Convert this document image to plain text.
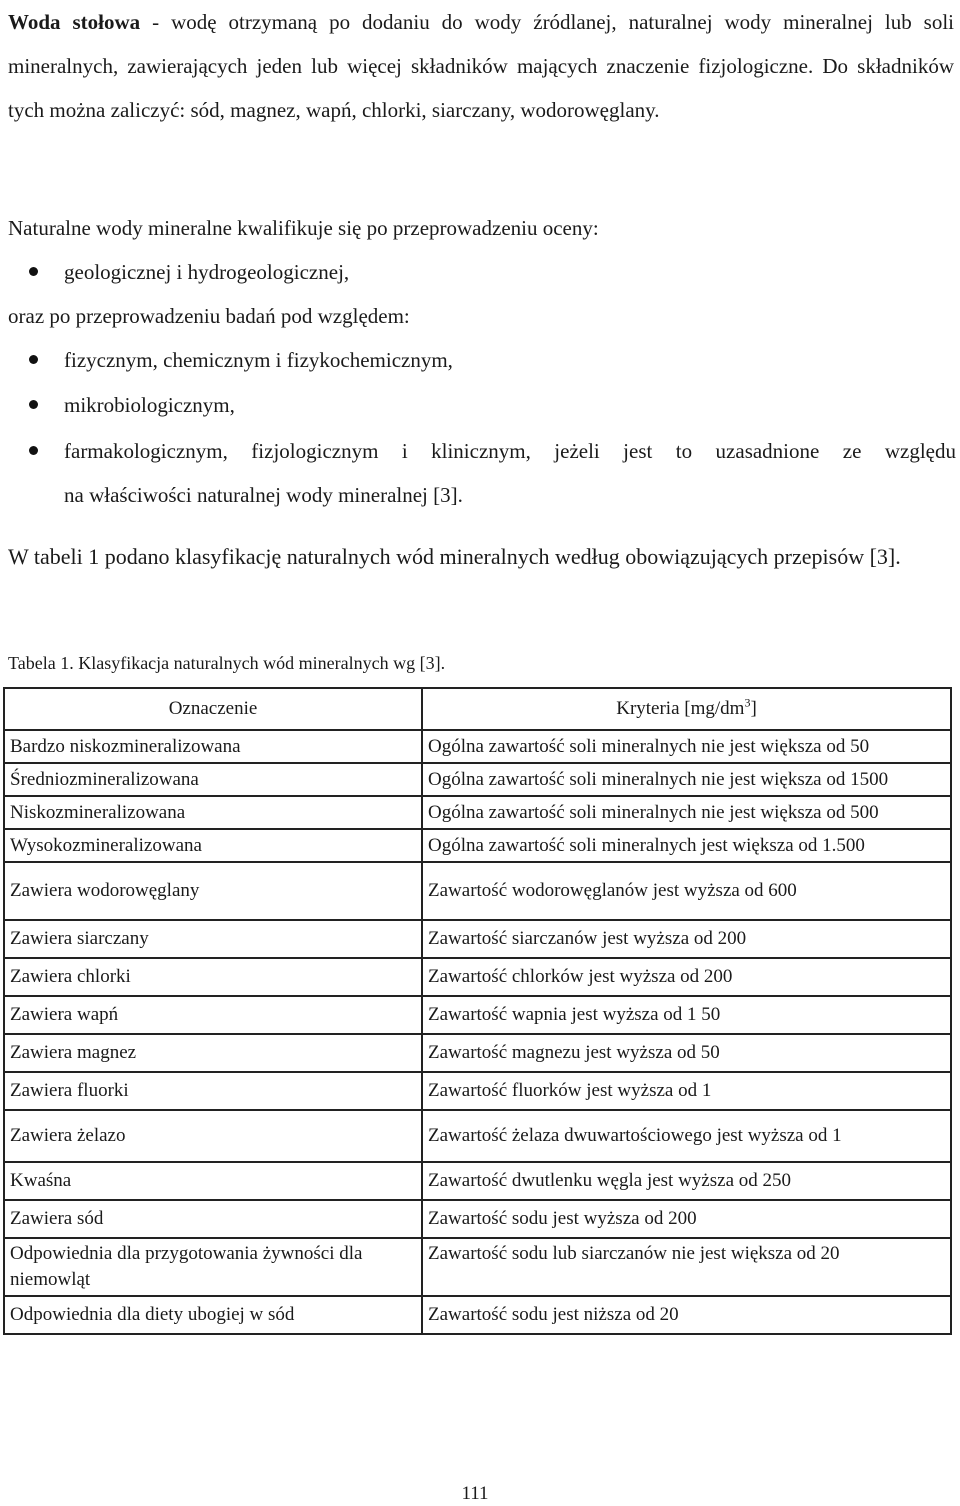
Woda stołowa - wodę otrzymaną po dodaniu do wody źródlanej, naturalnej wody mineralnej lub soli mineralnych, zawierających jeden lub więcej składników mających znaczenie fizjologiczne. Do składników tych można zaliczyć: sód, magnez, wapń, chlorki, siarczany, wodorowęglany.

Naturalne wody mineralne kwalifikuje się po przeprowadzeniu oceny:

geologicznej i hydrogeologicznej,

oraz po przeprowadzeniu badań pod względem:

fizycznym, chemicznym i fizykochemicznym,

mikrobiologicznym,

farmakologicznym, fizjologicznym i klinicznym, jeżeli jest to uzasadnione ze względu

na właściwości naturalnej wody mineralnej [3].

W tabeli 1 podano klasyfikację naturalnych wód mineralnych według obowiązujących przepisów [3].

Tabela 1. Klasyfikacja naturalnych wód mineralnych wg [3].

Oznaczenie	Kryteria $[mg/dm^3]$
Bardzo niskozmineralizowana	Ogólna zawartość soli mineralnych nie jest większa od 50
Średniozmineralizowana	Ogólna zawartość soli mineralnych nie jest większa od 1500
Niskozmineralizowana	Ogólna zawartość soli mineralnych nie jest większa od 500
Wysokozmineralizowana	Ogólna zawartość soli mineralnych jest większa od 1.500
Zawiera wodorowęglany	Zawartość wodorowęglanów jest wyższa od 600
Zawiera siarczany	Zawartość siarczanów jest wyższa od 200
Zawiera chlorki	Zawartość chlorków jest wyższa od 200
Zawiera wapń	Zawartość wapnia jest wyższa od 1 50
Zawiera magnez	Zawartość magnezu jest wyższa od 50
Zawiera fluorki	Zawartość fluorków jest wyższa od 1
Zawiera żelazo	Zawartość żelaza dwuwartościowego jest wyższa od 1
Kwaśna	Zawartość dwutlenku węgla jest wyższa od 250
Zawiera sód	Zawartość sodu jest wyższa od 200
Odpowiednia dla przygotowania żywności dla niemowląt	Zawartość sodu lub siarczanów nie jest większa od 20
Odpowiednia dla diety ubogiej w sód	Zawartość sodu jest niższa od 20
111
